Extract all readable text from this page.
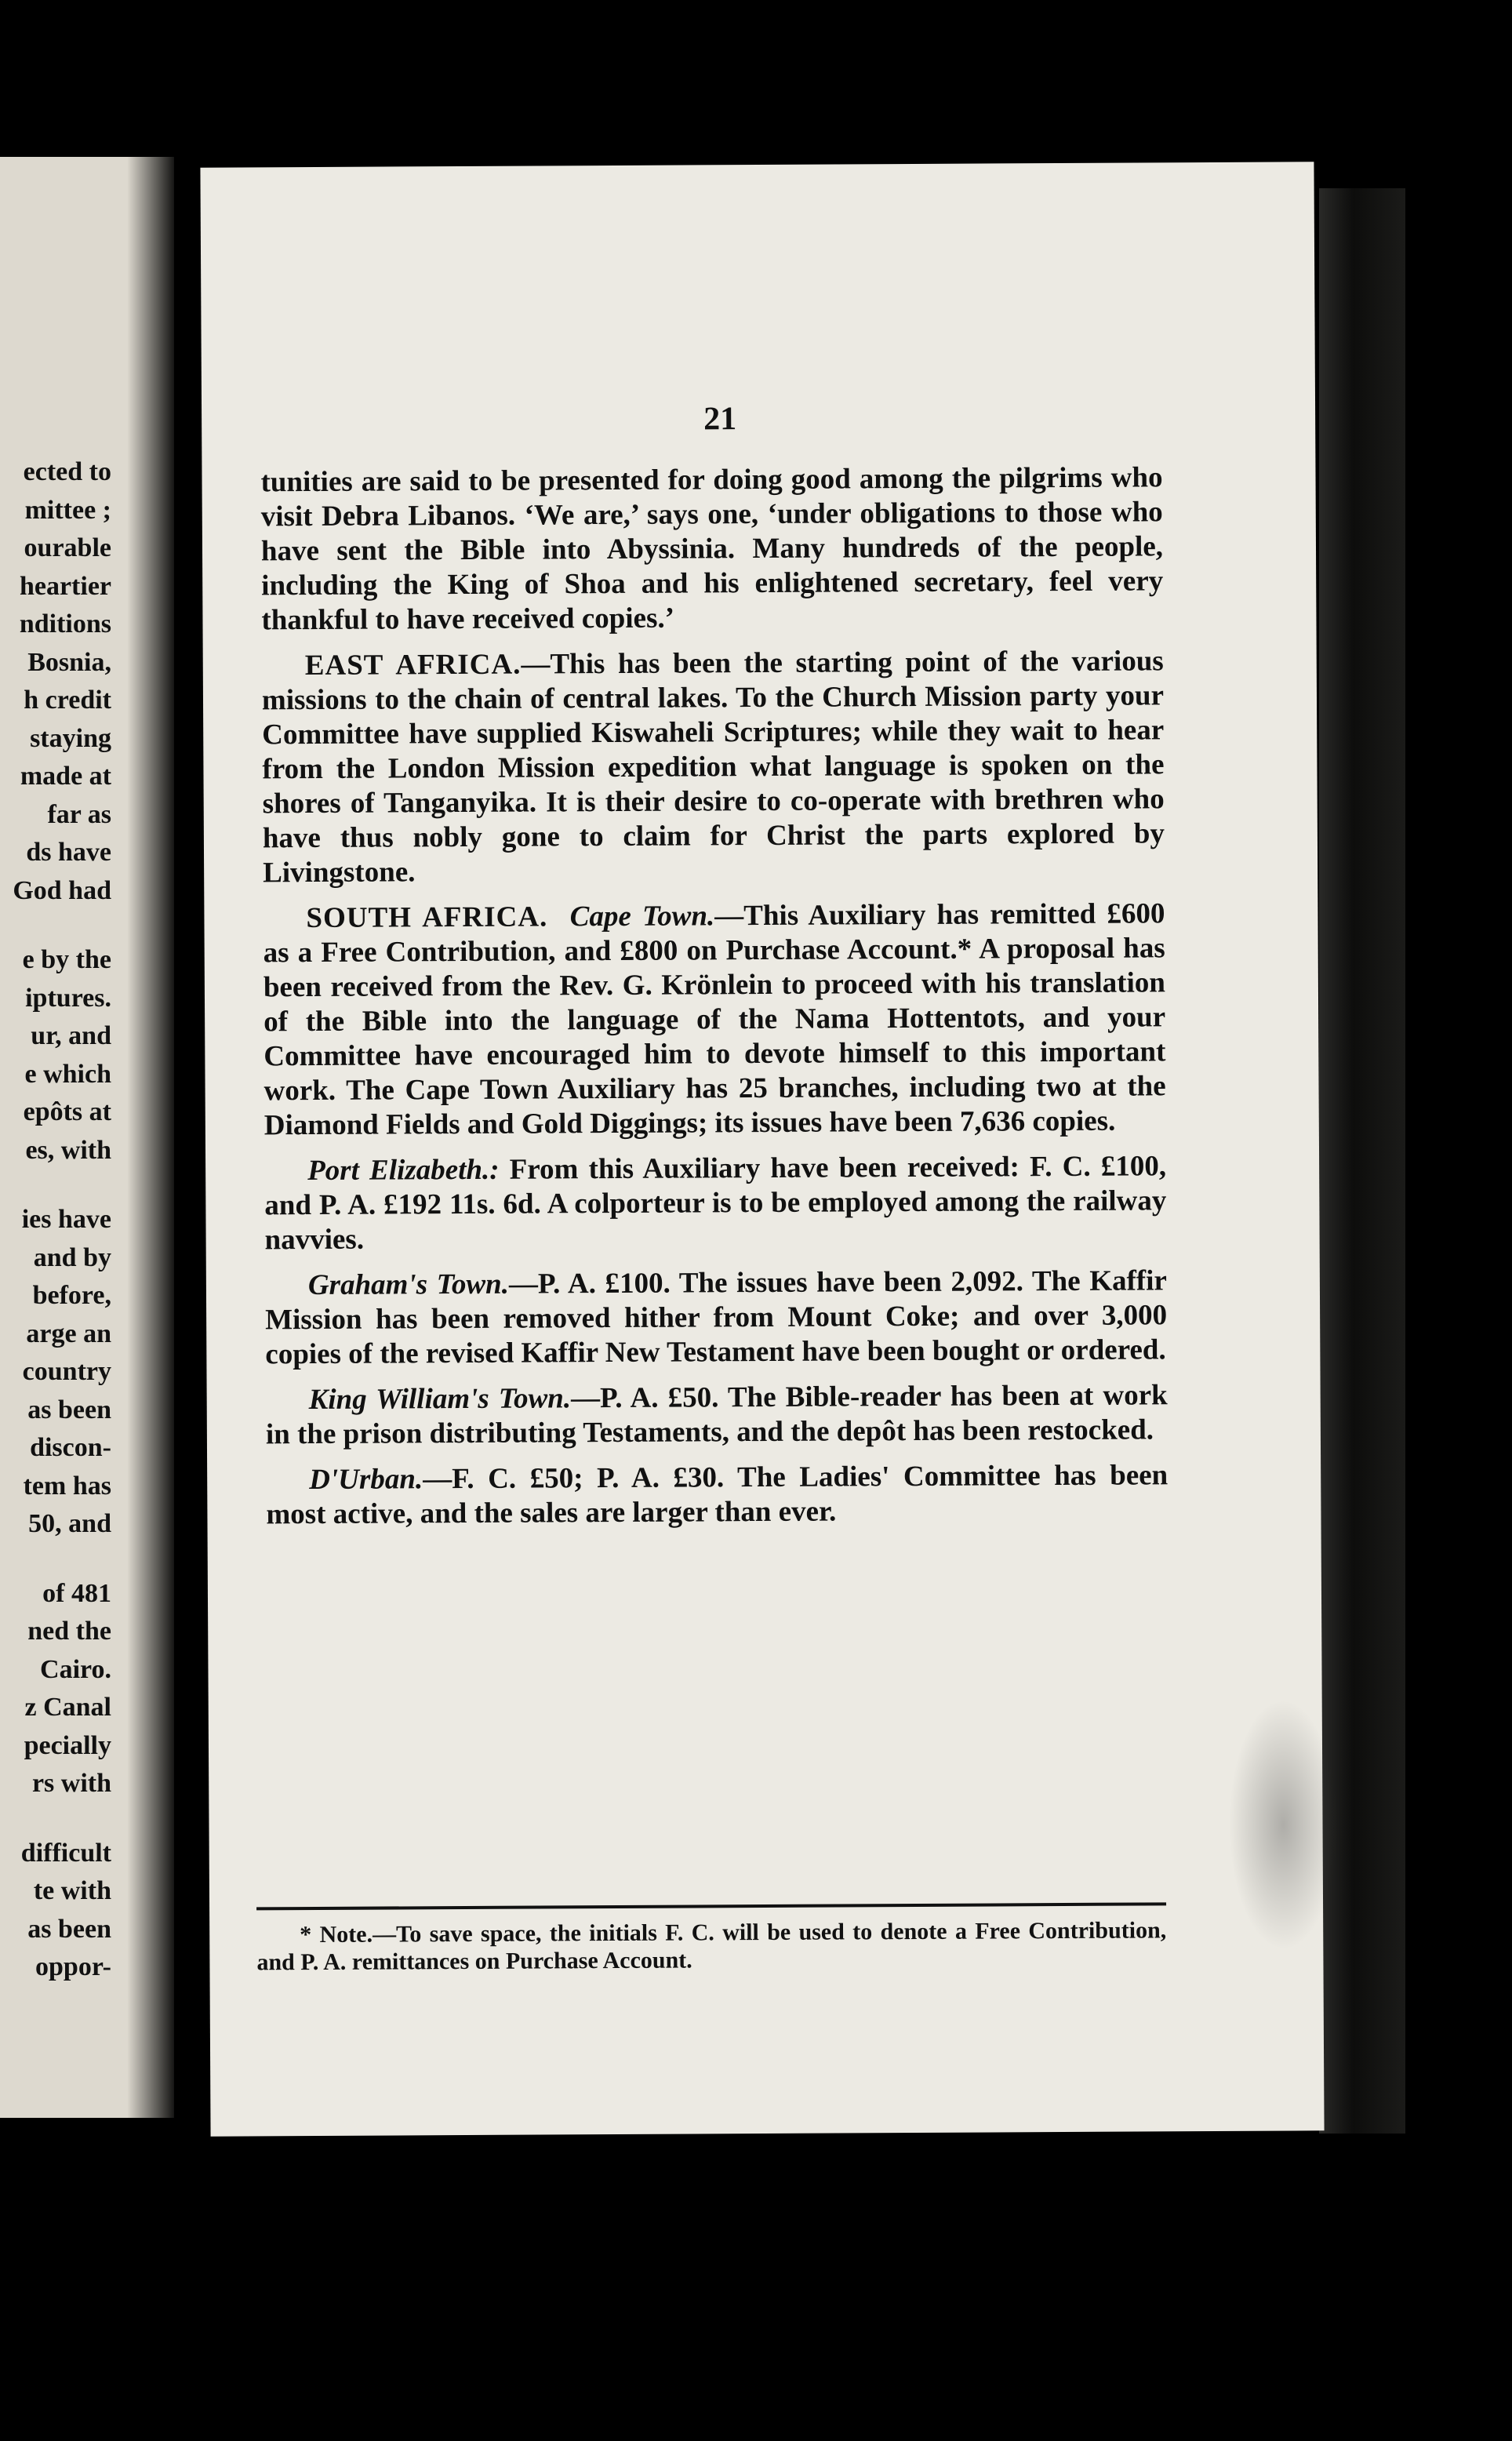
ected to
mittee ;
ourable
heartier
nditions
Bosnia,
h credit
staying
made at
far as
ds have
God had
e by the
iptures.
ur, and
e which
epôts at
es, with
ies have
and by
before,
arge an
country
as been
discon-
tem has
50, and
of 481
ned the
Cairo.
z Canal
pecially
rs with
difficult
te with
as been
oppor-
21

tunities are said to be presented for doing good among the pilgrims who visit Debra Libanos. ‘We are,’ says one, ‘under obligations to those who have sent the Bible into Abyssinia. Many hundreds of the people, including the King of Shoa and his enlightened secretary, feel very thankful to have received copies.’

EAST AFRICA.—This has been the starting point of the various missions to the chain of central lakes. To the Church Mission party your Committee have supplied Kiswaheli Scriptures; while they wait to hear from the London Mission expedition what language is spoken on the shores of Tanganyika. It is their desire to co-operate with brethren who have thus nobly gone to claim for Christ the parts explored by Livingstone.

SOUTH AFRICA. Cape Town.—This Auxiliary has remitted £600 as a Free Contribution, and £800 on Purchase Account.* A proposal has been received from the Rev. G. Krönlein to proceed with his translation of the Bible into the language of the Nama Hottentots, and your Committee have encouraged him to devote himself to this important work. The Cape Town Auxiliary has 25 branches, including two at the Diamond Fields and Gold Diggings; its issues have been 7,636 copies.

Port Elizabeth.: From this Auxiliary have been received: F. C. £100, and P. A. £192 11s. 6d. A colporteur is to be employed among the railway navvies.

Graham's Town.—P. A. £100. The issues have been 2,092. The Kaffir Mission has been removed hither from Mount Coke; and over 3,000 copies of the revised Kaffir New Testament have been bought or ordered.

King William's Town.—P. A. £50. The Bible-reader has been at work in the prison distributing Testaments, and the depôt has been restocked.

D'Urban.—F. C. £50; P. A. £30. The Ladies' Committee has been most active, and the sales are larger than ever.

* Note.—To save space, the initials F. C. will be used to denote a Free Contribution, and P. A. remittances on Purchase Account.
